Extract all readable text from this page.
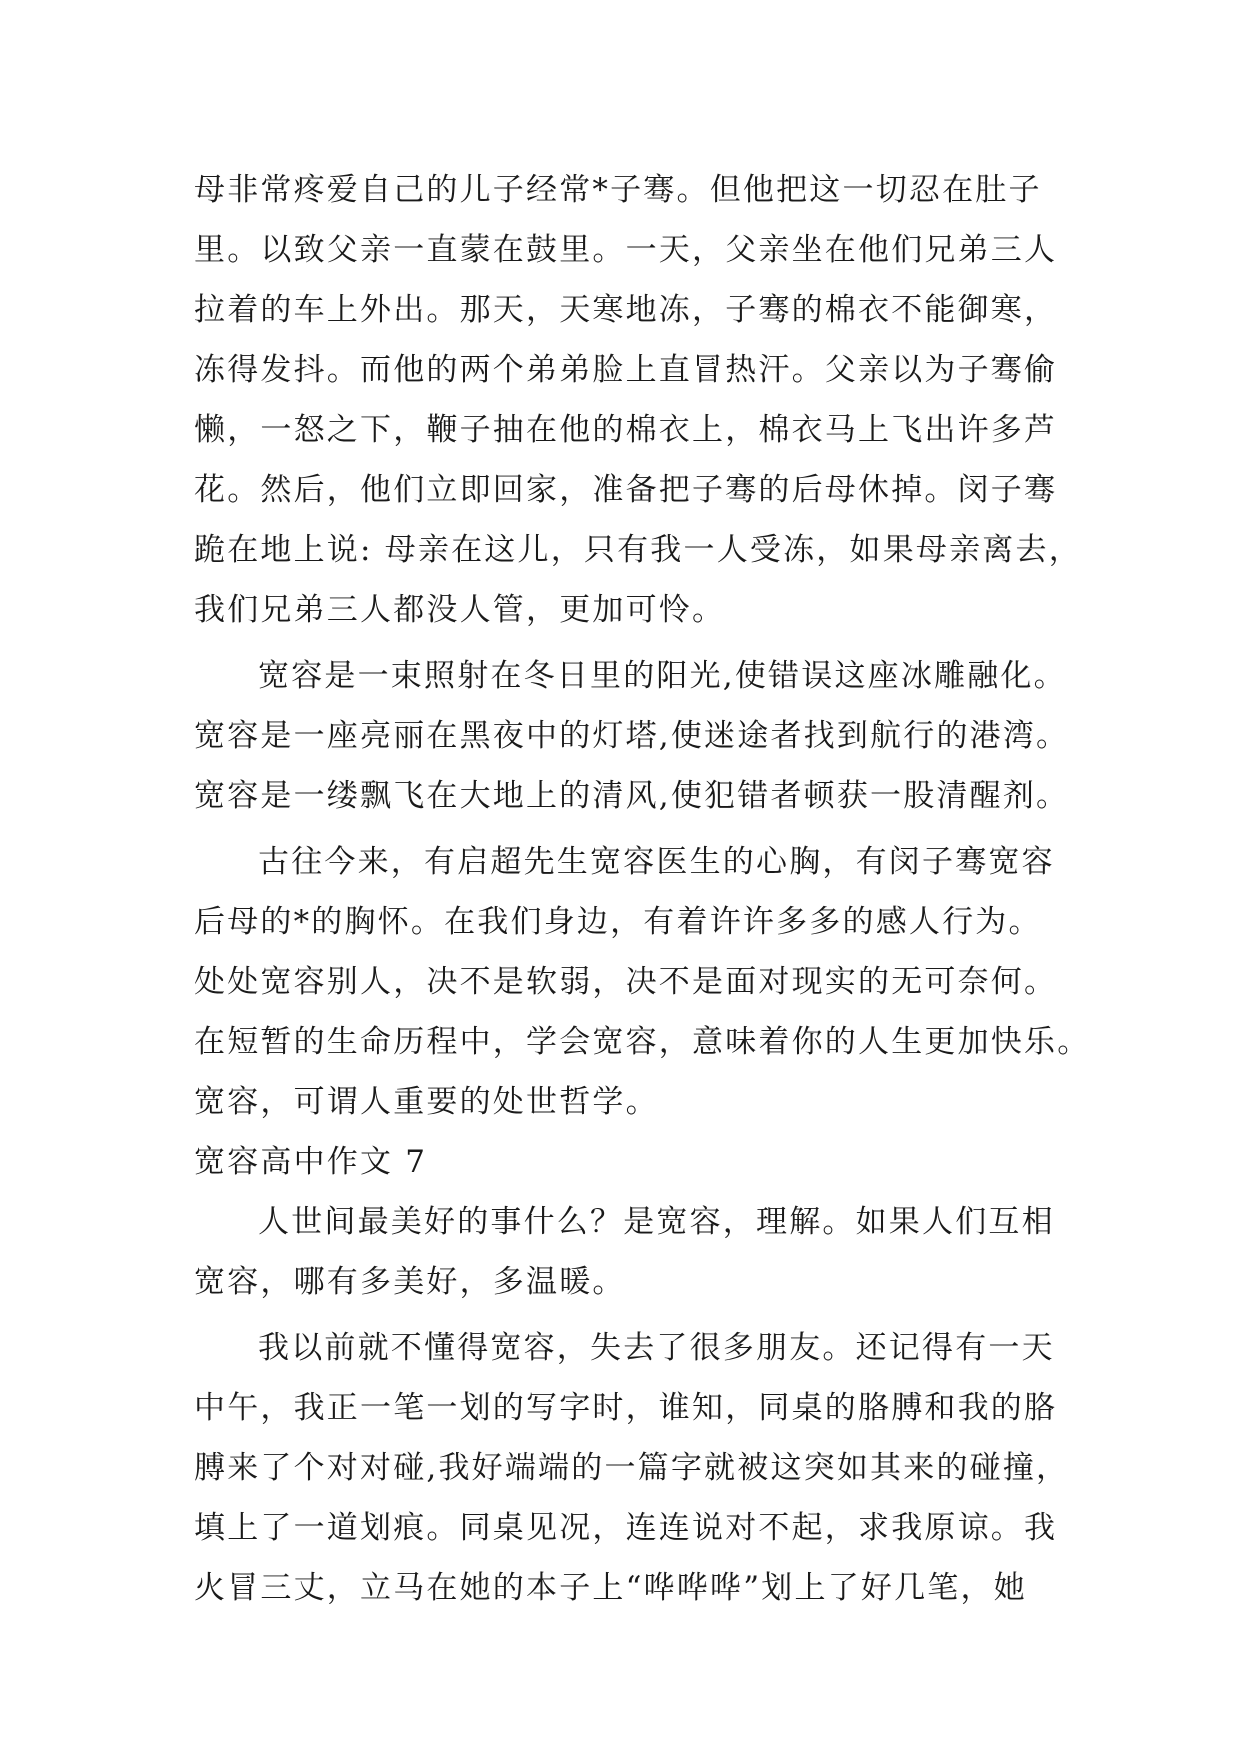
母非常疼爱自己的儿子经常*子骞。但他把这一切忍在肚子
里。以致父亲一直蒙在鼓里。一天，父亲坐在他们兄弟三人
拉着的车上外出。那天，天寒地冻，子骞的棉衣不能御寒，
冻得发抖。而他的两个弟弟脸上直冒热汗。父亲以为子骞偷
懒，一怒之下，鞭子抽在他的棉衣上，棉衣马上飞出许多芦
花。然后，他们立即回家，准备把子骞的后母休掉。闵子骞
跪在地上说: 母亲在这儿，只有我一人受冻，如果母亲离去，
我们兄弟三人都没人管，更加可怜。
宽容是一束照射在冬日里的阳光,使错误这座冰雕融化。
宽容是一座亮丽在黑夜中的灯塔,使迷途者找到航行的港湾。
宽容是一缕飘飞在大地上的清风,使犯错者顿获一股清醒剂。
古往今来，有启超先生宽容医生的心胸，有闵子骞宽容
后母的*的胸怀。在我们身边，有着许许多多的感人行为。
处处宽容别人，决不是软弱，决不是面对现实的无可奈何。
在短暂的生命历程中，学会宽容，意味着你的人生更加快乐。
宽容，可谓人重要的处世哲学。
宽容高中作文 7
人世间最美好的事什么？是宽容，理解。如果人们互相
宽容，哪有多美好，多温暖。
我以前就不懂得宽容，失去了很多朋友。还记得有一天
中午，我正一笔一划的写字时，谁知，同桌的胳膊和我的胳
膊来了个对对碰,我好端端的一篇字就被这突如其来的碰撞，
填上了一道划痕。同桌见况，连连说对不起，求我原谅。我
火冒三丈，立马在她的本子上“哗哗哗”划上了好几笔，她
